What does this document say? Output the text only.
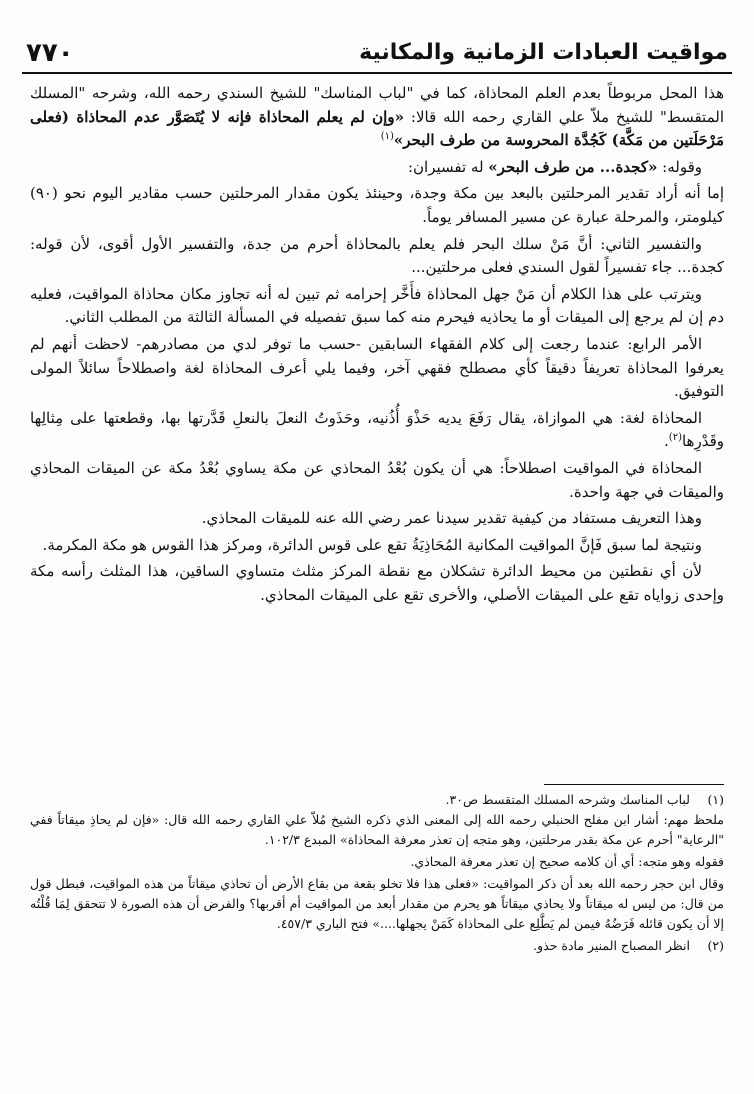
مواقيت العبادات الزمانية والمكانية
٧٧٠

هذا المحل مربوطاً بعدم العلم المحاذاة، كما في "لباب المناسك" للشيخ السندي رحمه الله، وشرحه "المسلك المتقسط" للشيخ ملاّ علي القاري رحمه الله قالا: «وإن لم يعلم المحاذاة فإنه لا يُتَصَوَّر عدم المحاذاة (فعلى مَرْحَلَتين من مَكَّة) كَجُدَّة المحروسة من طرف البحر»$^{(١)}$

وقوله: «كجدة... من طرف البحر» له تفسيران:

إما أنه أراد تقدير المرحلتين بالبعد بين مكة وجدة، وحينئذ يكون مقدار المرحلتين حسب مقادير اليوم نحو (٩٠) كيلومتر، والمرحلة عبارة عن مسير المسافر يوماً.

والتفسير الثاني: أنَّ مَنْ سلك البحر فلم يعلم بالمحاذاة أحرم من جدة، والتفسير الأول أقوى، لأن قوله: كجدة... جاء تفسيراً لقول السندي فعلى مرحلتين...

ويترتب على هذا الكلام أن مَنْ جهل المحاذاة فأَخَّر إحرامه ثم تبين له أنه تجاوز مكان محاذاة المواقيت، فعليه دم إن لم يرجع إلى الميقات أو ما يحاذيه فيحرم منه كما سبق تفصيله في المسألة الثالثة من المطلب الثاني.

الأمر الرابع: عندما رجعت إلى كلام الفقهاء السابقين -حسب ما توفر لدي من مصادرهم- لاحظت أنهم لم يعرفوا المحاذاة تعريفاً دقيقاً كأي مصطلح فقهي آخر، وفيما يلي أعرف المحاذاة لغة واصطلاحاً سائلاً المولى التوفيق.

المحاذاة لغة: هي الموازاة، يقال رَفَعَ يديه حَذْوَ أُذُنيه، وحَذَوتُ النعلَ بالنعلِ قَدَّرتها بها، وقطعتها على مِثالِها وقَدْرِها$^{(٢)}$.

المحاذاة في المواقيت اصطلاحاً: هي أن يكون بُعْدُ المحاذي عن مكة يساوي بُعْدُ مكة عن الميقات المحاذي والميقات في جهة واحدة.

وهذا التعريف مستفاد من كيفية تقدير سيدنا عمر رضي الله عنه للميقات المحاذي.

ونتيجة لما سبق فَإنَّ المواقيت المكانية المُحَاذِيَةُ تقع على قوس الدائرة، ومركز هذا القوس هو مكة المكرمة.

لأن أي نقطتين من محيط الدائرة تشكلان مع نقطة المركز مثلث متساوي الساقين، هذا المثلث رأسه مكة وإحدى زواياه تقع على الميقات الأصلي، والأخرى تقع على الميقات المحاذي.

(١)
لباب المناسك وشرحه المسلك المتقسط ص٣٠.

ملحظ مهم: أشار ابن مفلح الحنبلي رحمه الله إلى المعنى الذي ذكره الشيخ مُلاّ علي القاري رحمه الله قال: «فإن لم يحاذِ ميقاتاً ففي "الرعاية" أحرم عن مكة بقدر مرحلتين، وهو متجه إن تعذر معرفة المحاذاة» المبدع ١٠٢/٣.

فقوله وهو متجه: أي أن كلامه صحيح إن تعذر معرفة المحاذي.

وقال ابن حجر رحمه الله بعد أن ذكر المواقيت: «فعلى هذا فلا تخلو بقعة من بقاع الأرض أن تحاذي ميقاتاً من هذه المواقيت، فبطل قول من قال: من ليس له ميقاتاً ولا يحاذي ميقاتاً هو يحرم من مقدار أبعد من المواقيت أم أقربها؟ والفرض أن هذه الصورة لا تتحقق لِمَا قُلْتُه إلا أن يكون قائله فَرَضُهُ فيمن لم يَطَّلِع على المحاذاة كَمَنْ يجهلها....» فتح الباري ٤٥٧/٣.

(٢)
انظر المصباح المنير مادة حذو.
